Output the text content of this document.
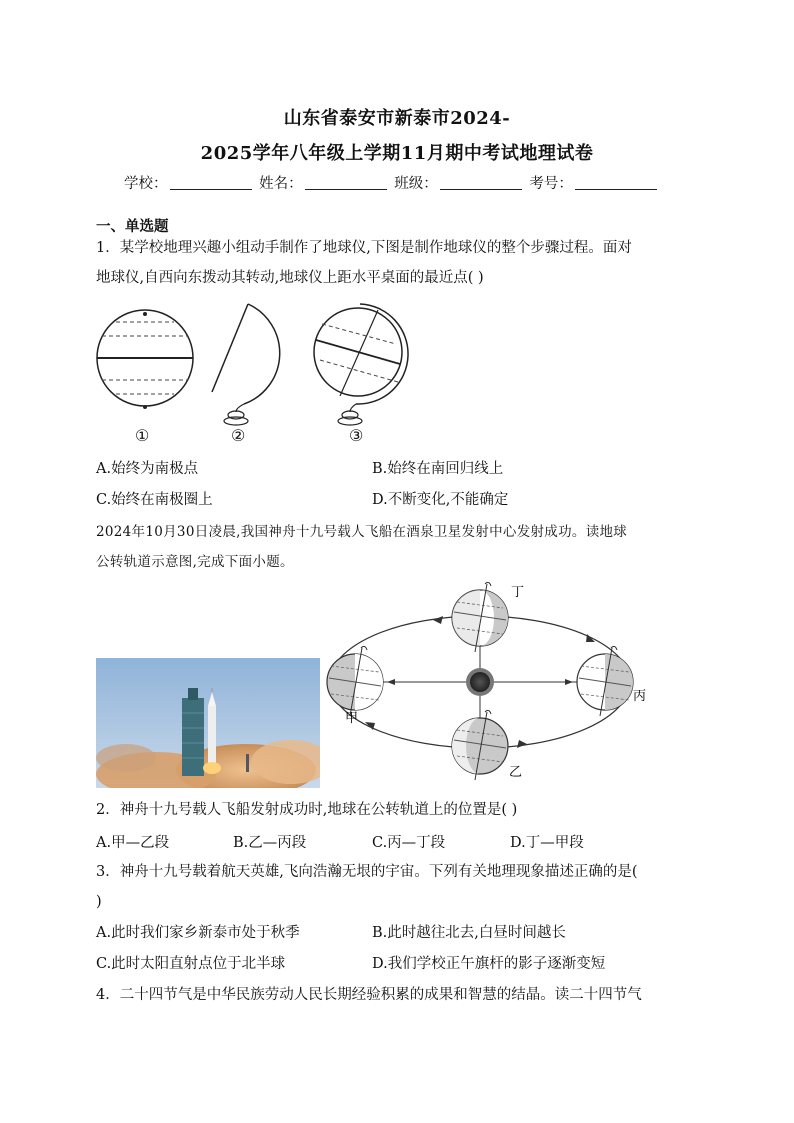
山东省泰安市新泰市2024-
2025学年八年级上学期11月期中考试地理试卷
学校：	姓名：	班级：	考号：
一、单选题
1．某学校地理兴趣小组动手制作了地球仪,下图是制作地球仪的整个步骤过程。面对
地球仪,自西向东拨动其转动,地球仪上距水平桌面的最近点( )
①	②	③
A.始终为南极点	B.始终在南回归线上
C.始终在南极圈上	D.不断变化,不能确定
2024年10月30日凌晨,我国神舟十九号载人飞船在酒泉卫星发射中心发射成功。读地球
公转轨道示意图,完成下面小题。
丁
丙
乙
甲
2．神舟十九号载人飞船发射成功时,地球在公转轨道上的位置是( )
A.甲—乙段	B.乙—丙段	C.丙—丁段	D.丁—甲段
3．神舟十九号载着航天英雄,飞向浩瀚无垠的宇宙。下列有关地理现象描述正确的是(
)
A.此时我们家乡新泰市处于秋季	B.此时越往北去,白昼时间越长
C.此时太阳直射点位于北半球	D.我们学校正午旗杆的影子逐渐变短
4．二十四节气是中华民族劳动人民长期经验积累的成果和智慧的结晶。读二十四节气
